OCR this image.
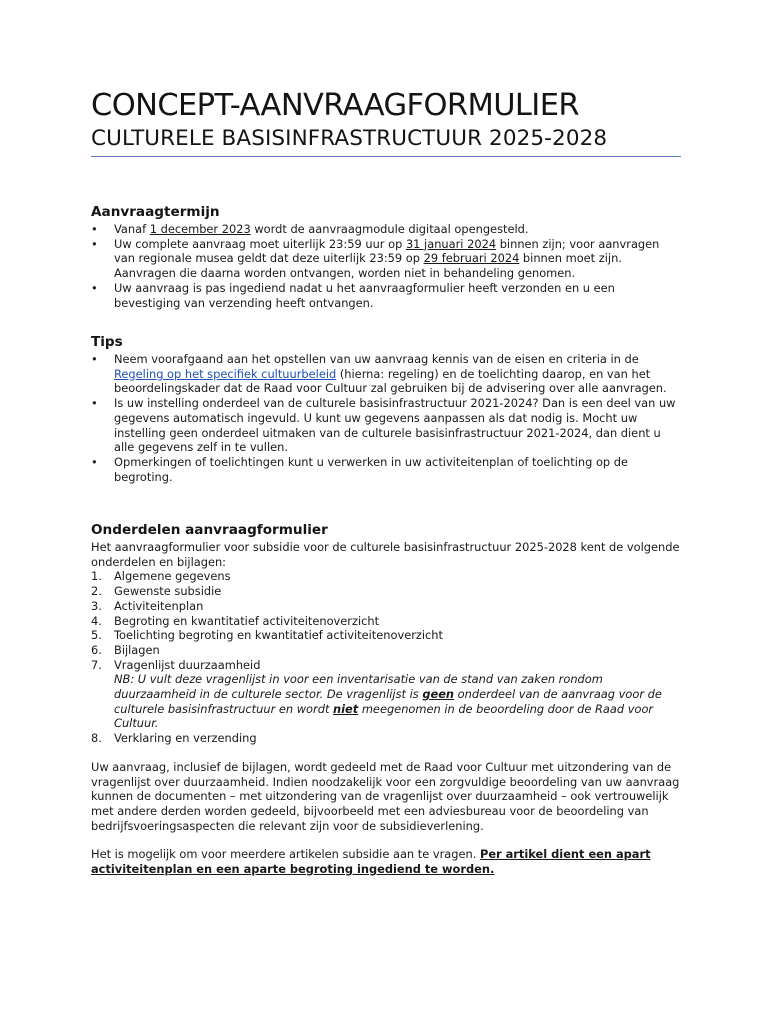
CONCEPT-AANVRAAGFORMULIER
CULTURELE BASISINFRASTRUCTUUR 2025-2028
Aanvraagtermijn
• Vanaf 1 december 2023 wordt de aanvraagmodule digitaal opengesteld.
• Uw complete aanvraag moet uiterlijk 23:59 uur op 31 januari 2024 binnen zijn; voor aanvragen van regionale musea geldt dat deze uiterlijk 23:59 op 29 februari 2024 binnen moet zijn. Aanvragen die daarna worden ontvangen, worden niet in behandeling genomen.
• Uw aanvraag is pas ingediend nadat u het aanvraagformulier heeft verzonden en u een bevestiging van verzending heeft ontvangen.
Tips
• Neem voorafgaand aan het opstellen van uw aanvraag kennis van de eisen en criteria in de Regeling op het specifiek cultuurbeleid (hierna: regeling) en de toelichting daarop, en van het beoordelingskader dat de Raad voor Cultuur zal gebruiken bij de advisering over alle aanvragen.
• Is uw instelling onderdeel van de culturele basisinfrastructuur 2021-2024? Dan is een deel van uw gegevens automatisch ingevuld. U kunt uw gegevens aanpassen als dat nodig is. Mocht uw instelling geen onderdeel uitmaken van de culturele basisinfrastructuur 2021-2024, dan dient u alle gegevens zelf in te vullen.
• Opmerkingen of toelichtingen kunt u verwerken in uw activiteitenplan of toelichting op de begroting.
Onderdelen aanvraagformulier

Het aanvraagformulier voor subsidie voor de culturele basisinfrastructuur 2025-2028 kent de volgende onderdelen en bijlagen:

1. Algemene gegevens
2. Gewenste subsidie
3. Activiteitenplan
4. Begroting en kwantitatief activiteitenoverzicht
5. Toelichting begroting en kwantitatief activiteitenoverzicht
6. Bijlagen
7. Vragenlijst duurzaamheid

NB: U vult deze vragenlijst in voor een inventarisatie van de stand van zaken rondom duurzaamheid in de culturele sector. De vragenlijst is geen onderdeel van de aanvraag voor de culturele basisinfrastructuur en wordt niet meegenomen in de beoordeling door de Raad voor Cultuur.

8. Verklaring en verzending

Uw aanvraag, inclusief de bijlagen, wordt gedeeld met de Raad voor Cultuur met uitzondering van de vragenlijst over duurzaamheid. Indien noodzakelijk voor een zorgvuldige beoordeling van uw aanvraag kunnen de documenten – met uitzondering van de vragenlijst over duurzaamheid – ook vertrouwelijk met andere derden worden gedeeld, bijvoorbeeld met een adviesbureau voor de beoordeling van bedrijfsvoeringsaspecten die relevant zijn voor de subsidieverlening.

Het is mogelijk om voor meerdere artikelen subsidie aan te vragen. Per artikel dient een apart activiteitenplan en een aparte begroting ingediend te worden.
